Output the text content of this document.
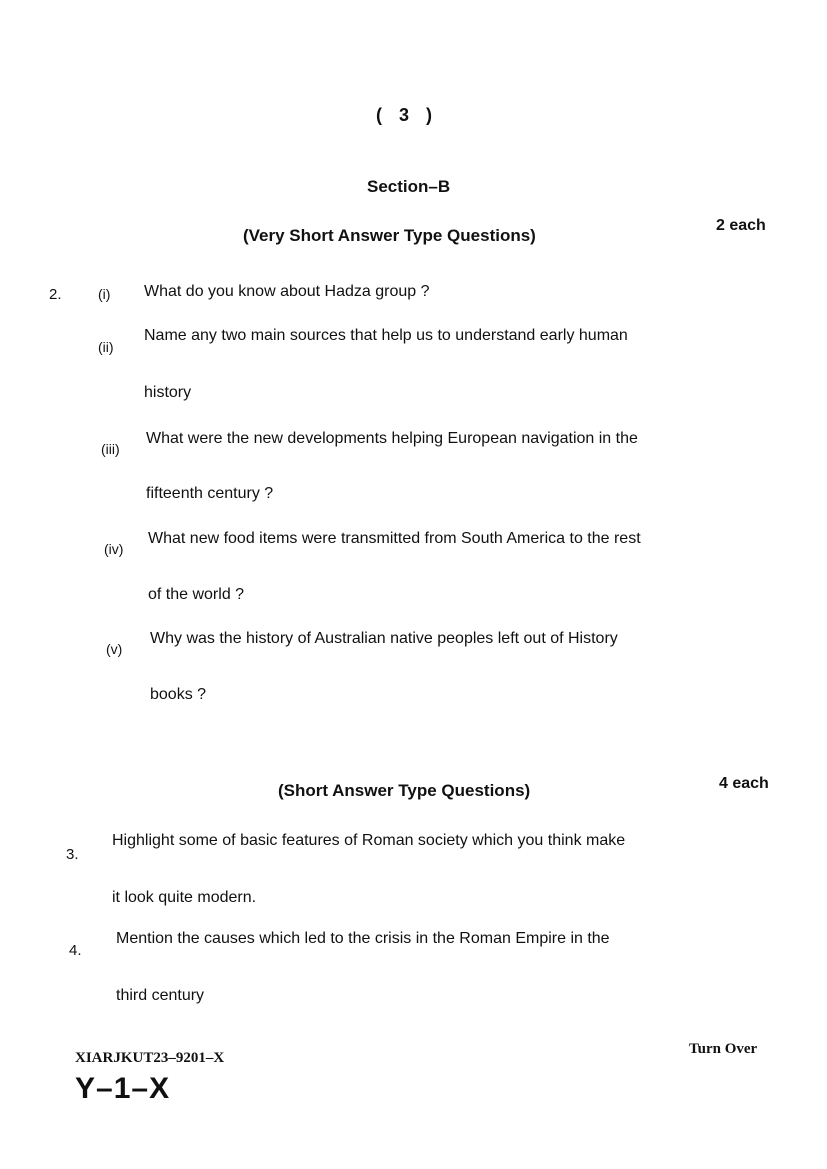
( 3 )
Section–B
(Very Short Answer Type Questions)
2 each
2.	(i) What do you know about Hadza group ?
(ii)
Name any two main sources that help us to understand early human
history
(iii)
What were the new developments helping European navigation in the
fifteenth century ?
(iv)
What new food items were transmitted from South America to the rest
of the world ?
(v)
Why was the history of Australian native peoples left out of History
books ?
(Short Answer Type Questions)	4 each
3.
Highlight some of basic features of Roman society which you think make
it look quite modern.
4.
Mention the causes which led to the crisis in the Roman Empire in the
third century
XIARJKUT23–9201–X
Y–1–X
Turn Over
